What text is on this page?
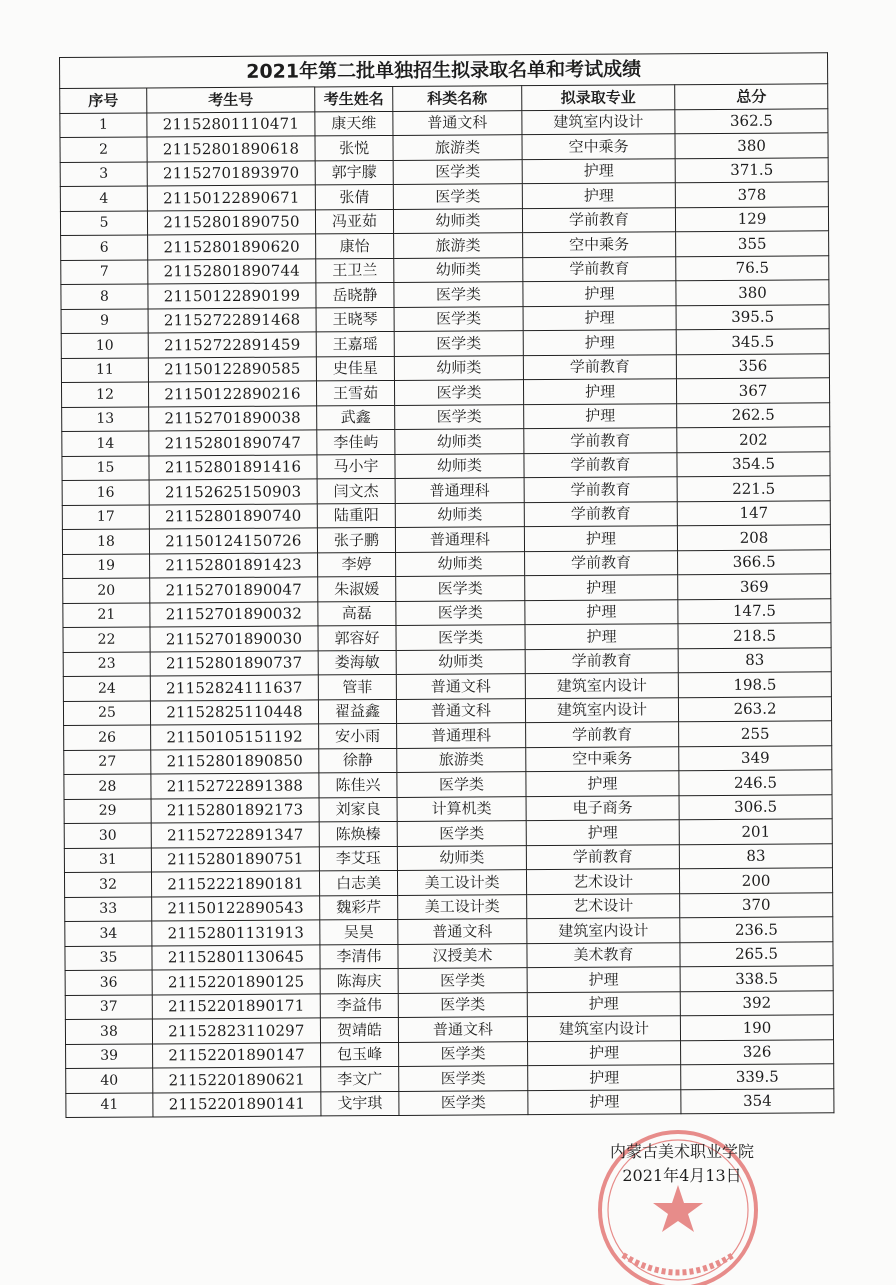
2021年第二批单独招生拟录取名单和考试成绩					
序号	考生号	考生姓名	科类名称	拟录取专业	总分
1	21152801110471	康天维	普通文科	建筑室内设计	362.5
2	21152801890618	张悦	旅游类	空中乘务	380
3	21152701893970	郭宇朦	医学类	护理	371.5
4	21150122890671	张倩	医学类	护理	378
5	21152801890750	冯亚茹	幼师类	学前教育	129
6	21152801890620	康怡	旅游类	空中乘务	355
7	21152801890744	王卫兰	幼师类	学前教育	76.5
8	21150122890199	岳晓静	医学类	护理	380
9	21152722891468	王晓琴	医学类	护理	395.5
10	21152722891459	王嘉瑶	医学类	护理	345.5
11	21150122890585	史佳星	幼师类	学前教育	356
12	21150122890216	王雪茹	医学类	护理	367
13	21152701890038	武鑫	医学类	护理	262.5
14	21152801890747	李佳屿	幼师类	学前教育	202
15	21152801891416	马小宇	幼师类	学前教育	354.5
16	21152625150903	闫文杰	普通理科	学前教育	221.5
17	21152801890740	陆重阳	幼师类	学前教育	147
18	21150124150726	张子鹏	普通理科	护理	208
19	21152801891423	李婷	幼师类	学前教育	366.5
20	21152701890047	朱淑媛	医学类	护理	369
21	21152701890032	高磊	医学类	护理	147.5
22	21152701890030	郭容好	医学类	护理	218.5
23	21152801890737	娄海敏	幼师类	学前教育	83
24	21152824111637	管菲	普通文科	建筑室内设计	198.5
25	21152825110448	翟益鑫	普通文科	建筑室内设计	263.2
26	21150105151192	安小雨	普通理科	学前教育	255
27	21152801890850	徐静	旅游类	空中乘务	349
28	21152722891388	陈佳兴	医学类	护理	246.5
29	21152801892173	刘家良	计算机类	电子商务	306.5
30	21152722891347	陈焕榛	医学类	护理	201
31	21152801890751	李艾珏	幼师类	学前教育	83
32	21152221890181	白志美	美工设计类	艺术设计	200
33	21150122890543	魏彩芹	美工设计类	艺术设计	370
34	21152801131913	吴昊	普通文科	建筑室内设计	236.5
35	21152801130645	李清伟	汉授美术	美术教育	265.5
36	21152201890125	陈海庆	医学类	护理	338.5
37	21152201890171	李益伟	医学类	护理	392
38	21152823110297	贺靖皓	普通文科	建筑室内设计	190
39	21152201890147	包玉峰	医学类	护理	326
40	21152201890621	李文广	医学类	护理	339.5
41	21152201890141	戈宇琪	医学类	护理	354
内蒙古美术职业学院
2021年4月13日
